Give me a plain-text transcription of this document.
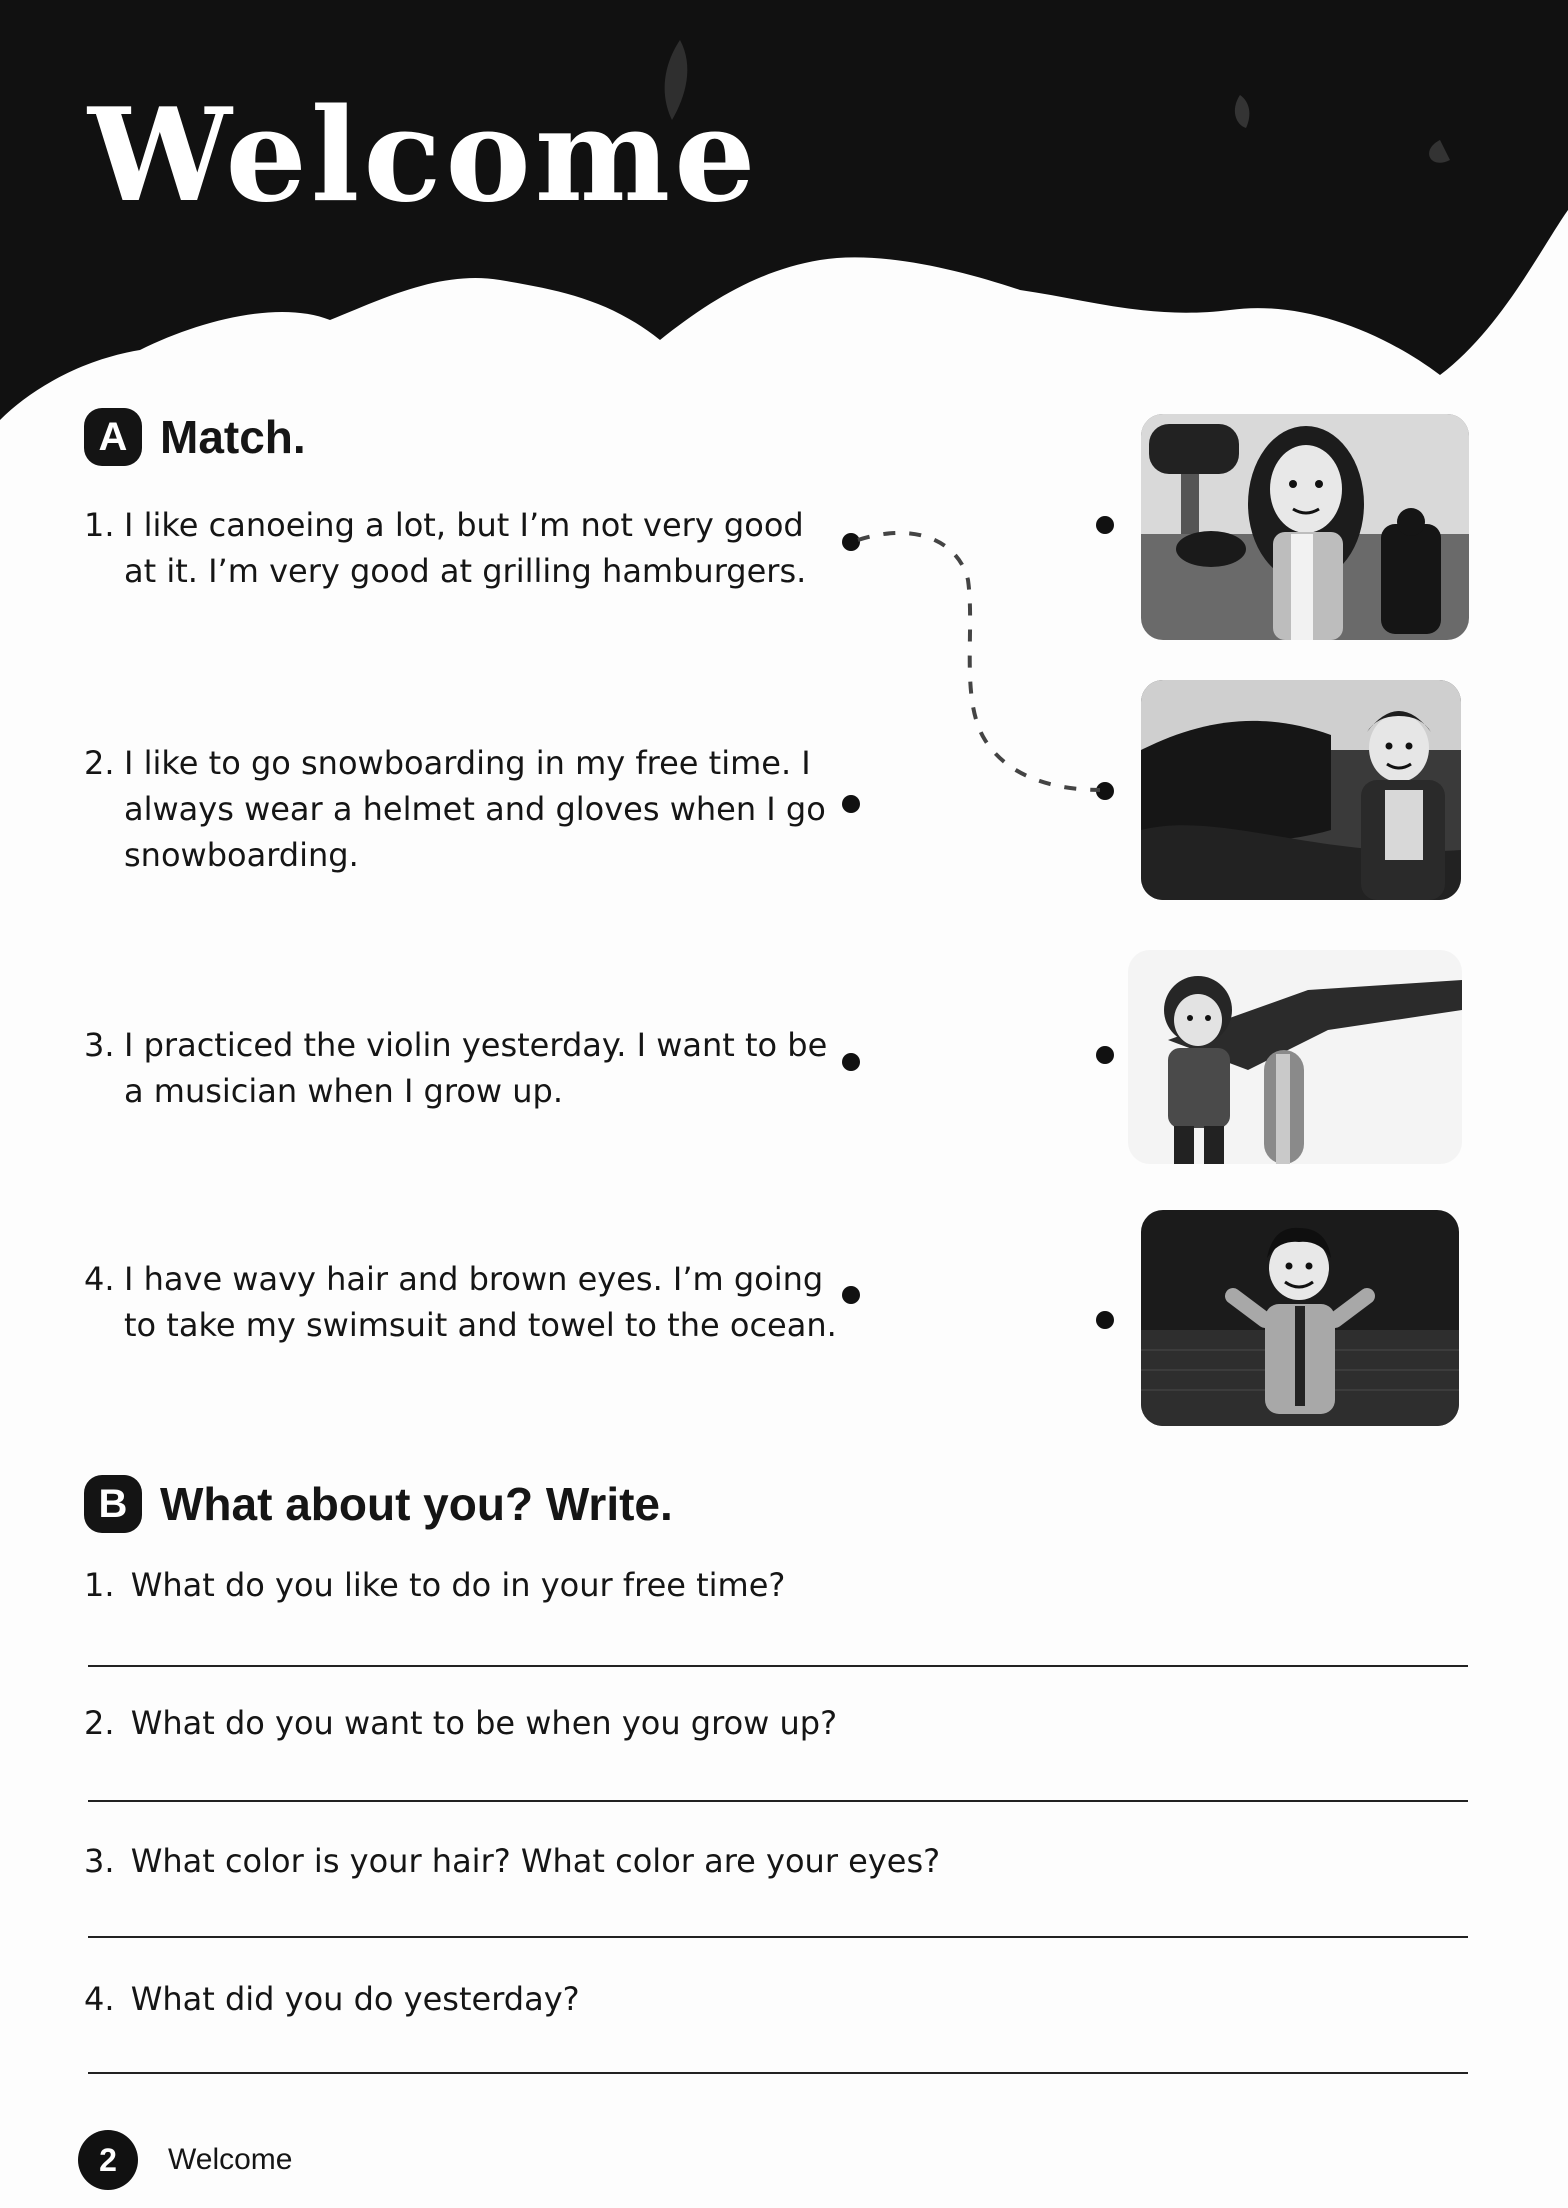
Welcome
A Match.
1. I like canoeing a lot, but I’m not very good at it. I’m very good at grilling hamburgers.
2. I like to go snowboarding in my free time. I always wear a helmet and gloves when I go snowboarding.
3. I practiced the violin yesterday. I want to be a musician when I grow up.
4. I have wavy hair and brown eyes. I’m going to take my swimsuit and towel to the ocean.
B What about you? Write.
1. What do you like to do in your free time?
2. What do you want to be when you grow up?
3. What color is your hair? What color are your eyes?
4. What did you do yesterday?
2	Welcome
